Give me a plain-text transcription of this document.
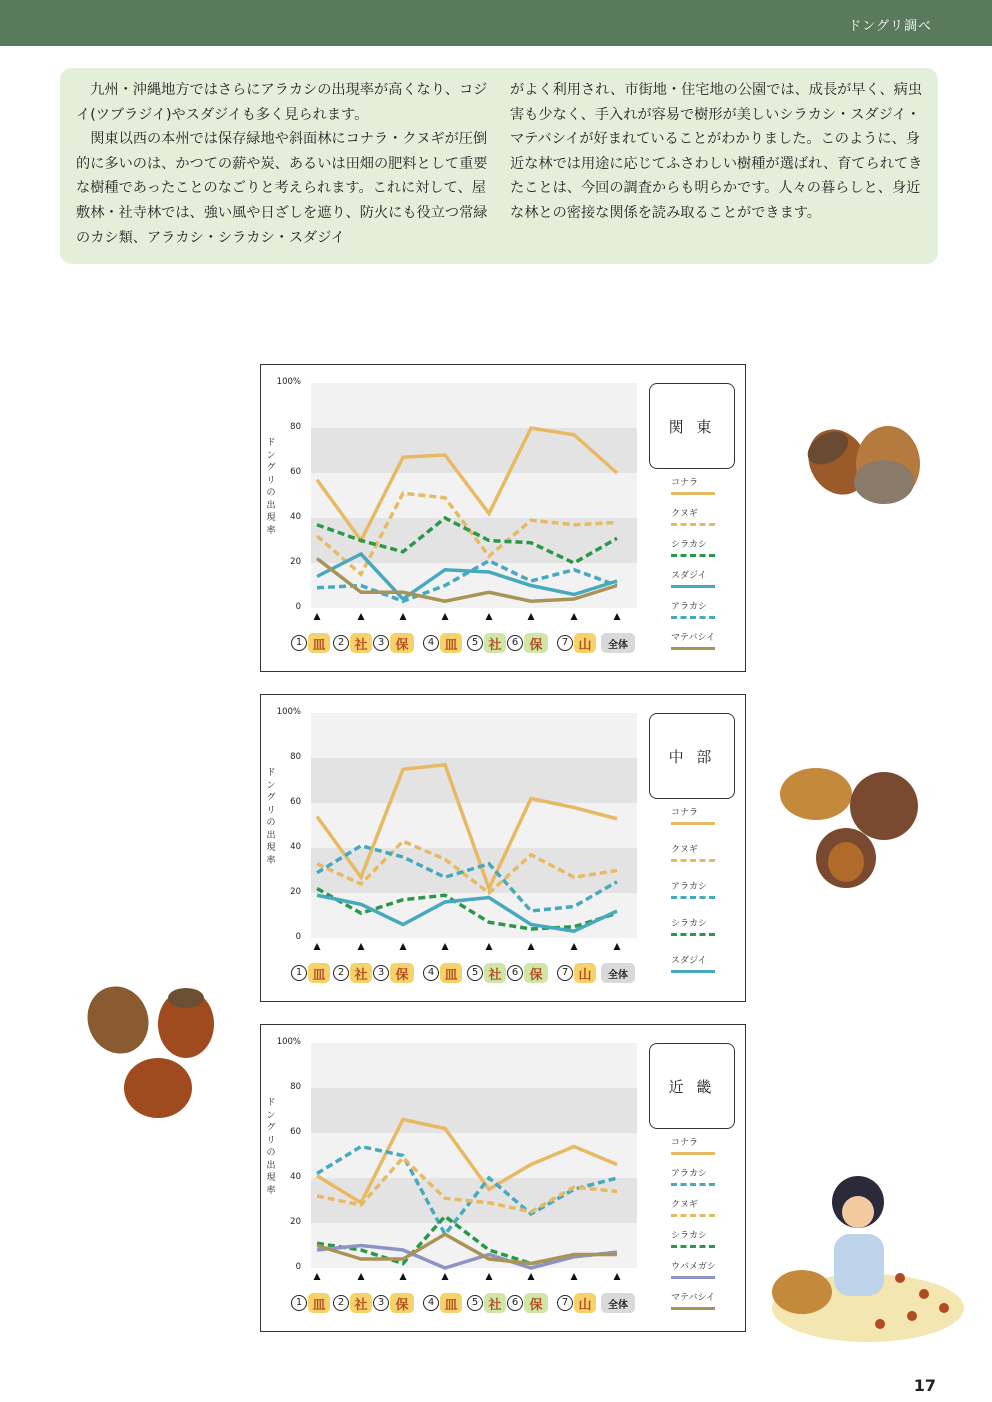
ドングリ調べ

九州・沖縄地方ではさらにアラカシの出現率が高くなり、コジイ(ツブラジイ)やスダジイも多く見られます。

関東以西の本州では保存緑地や斜面林にコナラ・クヌギが圧倒的に多いのは、かつての薪や炭、あるいは田畑の肥料として重要な樹種であったことのなごりと考えられます。これに対して、屋敷林・社寺林では、強い風や日ざしを遮り、防火にも役立つ常緑のカシ類、アラカシ・シラカシ・スダジイ

がよく利用され、市街地・住宅地の公園では、成長が早く、病虫害も少なく、手入れが容易で樹形が美しいシラカシ・スダジイ・マテバシイが好まれていることがわかりました。このように、身近な林では用途に応じてふさわしい樹種が選ばれ、育てられてきたことは、今回の調査からも明らかです。人々の暮らしと、身近な林との密接な関係を読み取ることができます。

100%
80
60
40
20
0
ド
ン
グ
リ
の
出
現
率
1 皿	2 社	3 保	4 皿	5 社	6 保	7 山	全体
関 東
コナラ
クヌギ
シラカシ
スダジイ
アラカシ
マテバシイ
100%
80
60
40
20
0
ド
ン
グ
リ
の
出
現
率
1 皿	2 社	3 保	4 皿	5 社	6 保	7 山	全体
中 部
コナラ
クヌギ
アラカシ
シラカシ
スダジイ
100%
80
60
40
20
0
ド
ン
グ
リ
の
出
現
率
1 皿	2 社	3 保	4 皿	5 社	6 保	7 山	全体
近 畿
コナラ
アラカシ
クヌギ
シラカシ
ウバメガシ
マテバシイ
17
